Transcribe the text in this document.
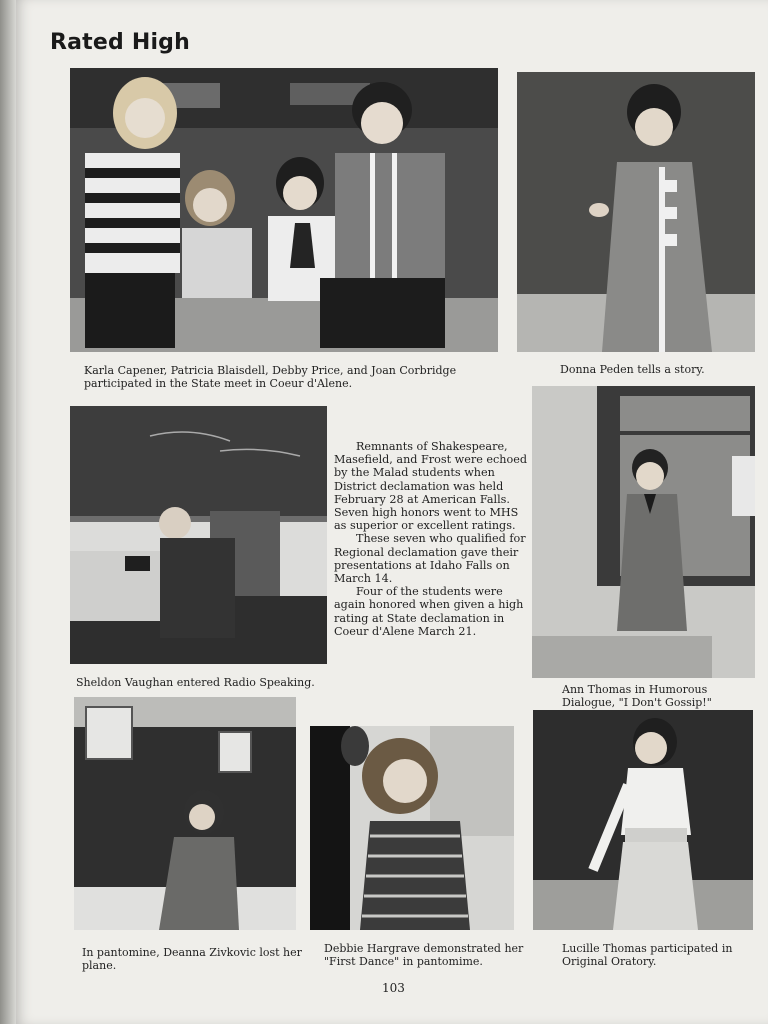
Rated High
Karla Capener, Patricia Blaisdell, Debby Price, and Joan Corbridge participated in the State meet in Coeur d'Alene.
Donna Peden tells a story.

Remnants of Shakespeare, Masefield, and Frost were echoed by the Malad students when District declamation was held February 28 at American Falls. Seven high honors went to MHS as superior or excellent ratings.

These seven who qualified for Regional declamation gave their presentations at Idaho Falls on March 14.

Four of the students were again honored when given a high rating at State declamation in Coeur d'Alene March 21.

Sheldon Vaughan entered Radio Speaking.
Ann Thomas in Humorous Dialogue, "I Don't Gossip!"
In pantomine, Deanna Zivkovic lost her plane.
Debbie Hargrave demonstrated her "First Dance" in pantomime.
Lucille Thomas participated in Original Oratory.
103
